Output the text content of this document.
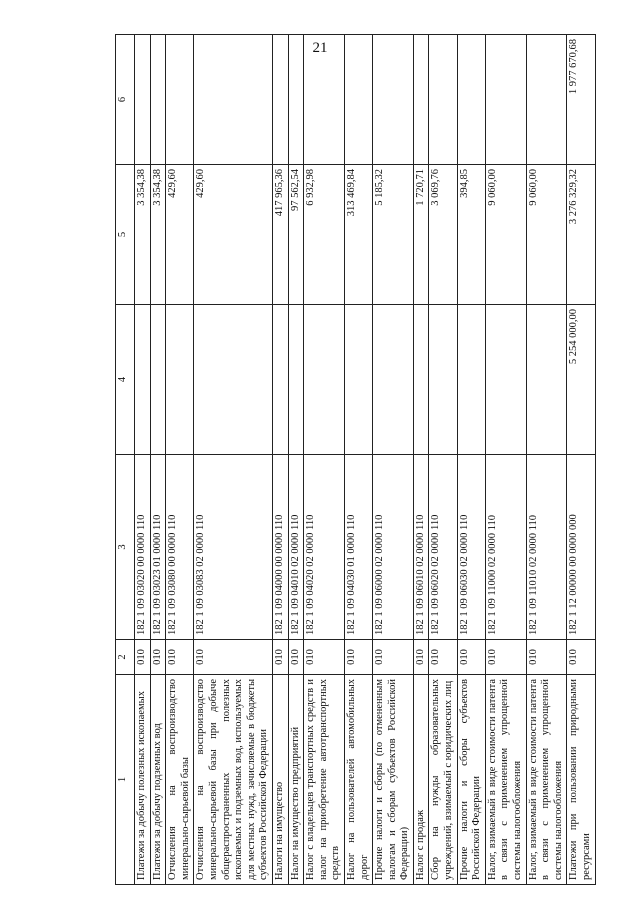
21
1	2	3	4	5	6
Платежи за добычу полезных ископаемых	010	182 1 09 03020 00 0000 110		3 354,38	
Платежи за добычу подземных вод	010	182 1 09 03023 01 0000 110		3 354,38	
Отчисления на воспроизводство минерально-сырьевой базы	010	182 1 09 03080 00 0000 110		429,60	
Отчисления на воспроизводство минерально-сырьевой базы при добыче общераспространенных полезных ископаемых и подземных вод, используемых для местных нужд, зачисляемые в бюджеты субъектов Российской Федерации	010	182 1 09 03083 02 0000 110		429,60	
Налоги на имущество	010	182 1 09 04000 00 0000 110		417 965,36	
Налог на имущество предприятий	010	182 1 09 04010 02 0000 110		97 562,54	
Налог с владельцев транспортных средств и налог на приобретение автотранспортных средств	010	182 1 09 04020 02 0000 110		6 932,98	
Налог на пользователей автомобильных дорог	010	182 1 09 04030 01 0000 110		313 469,84	
Прочие налоги и сборы (по отмененным налогам и сборам субъектов Российской Федерации)	010	182 1 09 06000 02 0000 110		5 185,32	
Налог с продаж	010	182 1 09 06010 02 0000 110		1 720,71	
Сбор на нужды образовательных учреждений, взимаемый с юридических лиц	010	182 1 09 06020 02 0000 110		3 069,76	
Прочие налоги и сборы субъектов Российской Федерации	010	182 1 09 06030 02 0000 110		394,85	
Налог, взимаемый в виде стоимости патента в связи с применением упрощенной системы налогообложения	010	182 1 09 11000 02 0000 110		9 060,00	
Налог, взимаемый в виде стоимости патента в связи с применением упрощенной системы налогообложения	010	182 1 09 11010 02 0000 110		9 060,00	
Платежи при пользовании природными ресурсами	010	182 1 12 00000 00 0000 000	5 254 000,00	3 276 329,32	1 977 670,68
